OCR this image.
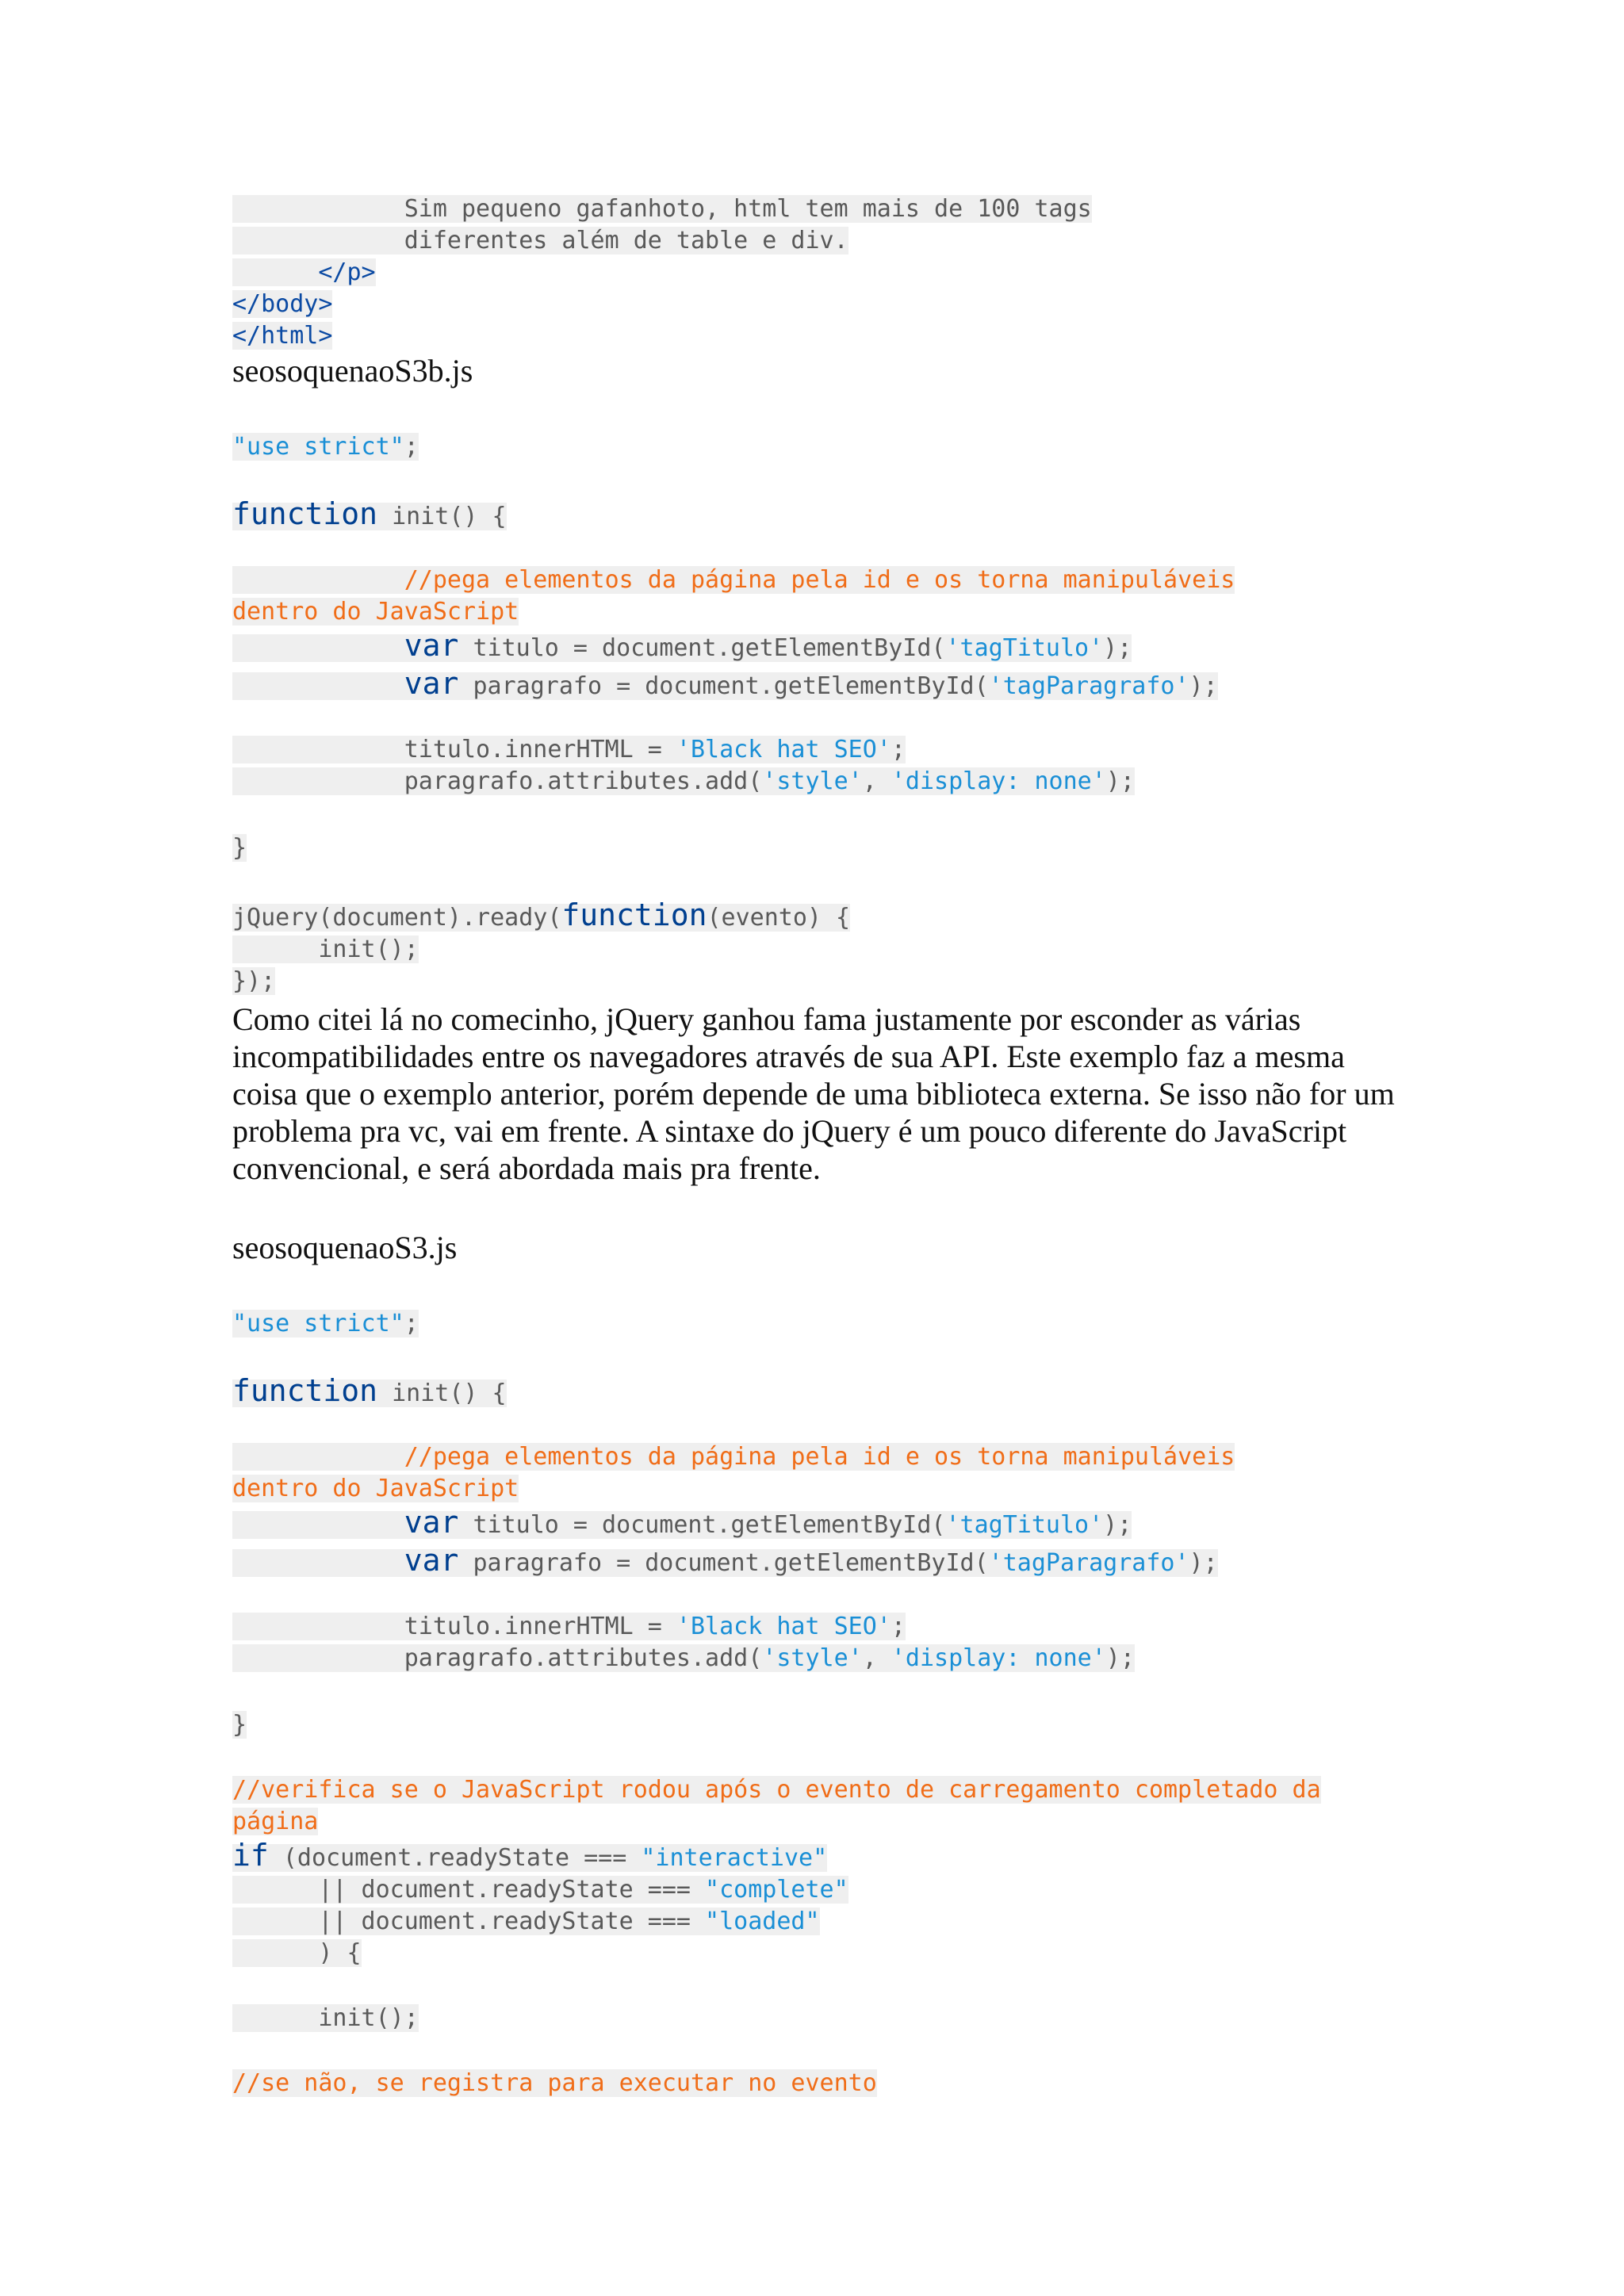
Sim pequeno gafanhoto, html tem mais de 100 tags
diferentes além de table e div.
</p>
</body>
</html>

seosoquenaoS3b.js

"use strict";
function init() {
//pega elementos da página pela id e os torna manipuláveis
dentro do JavaScript
var titulo = document.getElementById('tagTitulo');
var paragrafo = document.getElementById('tagParagrafo');
titulo.innerHTML = 'Black hat SEO';
paragrafo.attributes.add('style', 'display: none');
}
jQuery(document).ready(function(evento) {
init();
});

Como citei lá no comecinho, jQuery ganhou fama justamente por esconder as várias incompatibilidades entre os navegadores através de sua API. Este exemplo faz a mesma coisa que o exemplo anterior, porém depende de uma biblioteca externa. Se isso não for um problema pra vc, vai em frente. A sintaxe do jQuery é um pouco diferente do JavaScript convencional, e será abordada mais pra frente.

seosoquenaoS3.js

"use strict";
function init() {
//pega elementos da página pela id e os torna manipuláveis
dentro do JavaScript
var titulo = document.getElementById('tagTitulo');
var paragrafo = document.getElementById('tagParagrafo');
titulo.innerHTML = 'Black hat SEO';
paragrafo.attributes.add('style', 'display: none');
}
//verifica se o JavaScript rodou após o evento de carregamento completado da
página
if (document.readyState === "interactive"
|| document.readyState === "complete"
|| document.readyState === "loaded"
) {
init();
//se não, se registra para executar no evento
